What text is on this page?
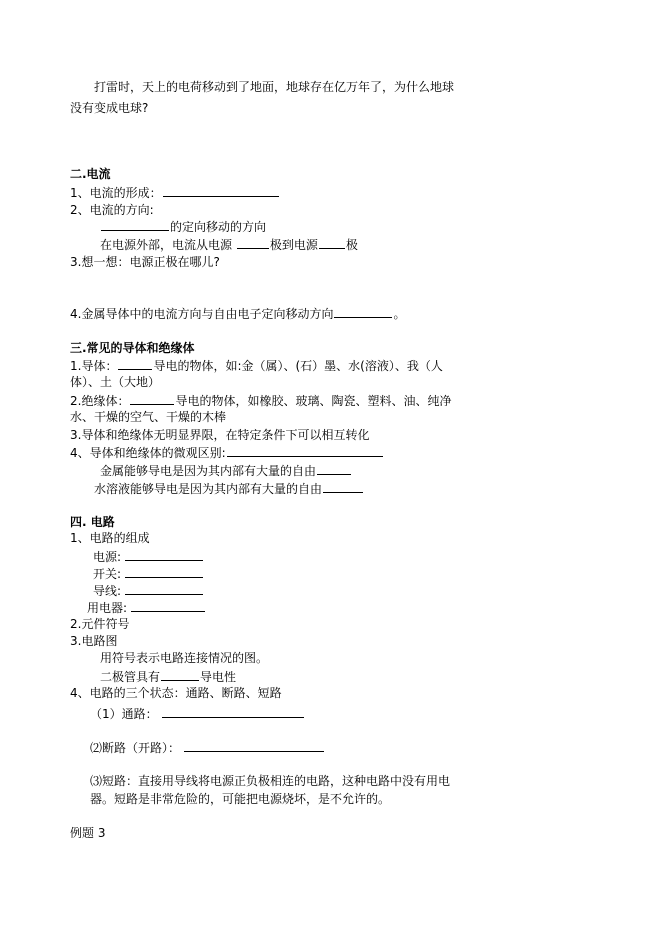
打雷时，天上的电荷移动到了地面，地球存在亿万年了，为什么地球
没有变成电球?
二.电流
1、电流的形成：
2、电流的方向:
的定向移动的方向
在电源外部，电流从电源	极到电源 极
3.想一想：电源正极在哪儿?
4.金属导体中的电流方向与自由电子定向移动方向	。
三.常见的导体和绝缘体
1.导体：	导电的物体，如:金（属）、(石）墨、水(溶液）、我（人
体）、土（大地）
2.绝缘体：	导电的物体，如橡胶、玻璃、陶瓷、塑料、油、纯净
水、干燥的空气、干燥的木棒
3.导体和绝缘体无明显界限，在特定条件下可以相互转化
4、导体和绝缘体的微观区别:
金属能够导电是因为其内部有大量的自由
水溶液能够导电是因为其内部有大量的自由
四. 电路
1、电路的组成
电源:
开关:
导线:
用电器:
2.元件符号
3.电路图
用符号表示电路连接情况的图。
二极管具有	导电性
4、电路的三个状态：通路、断路、短路
（1）通路：
⑵断路（开路）：
⑶短路：直接用导线将电源正负极相连的电路，这种电路中没有用电
器。短路是非常危险的，可能把电源烧坏，是不允许的。
例题 3
